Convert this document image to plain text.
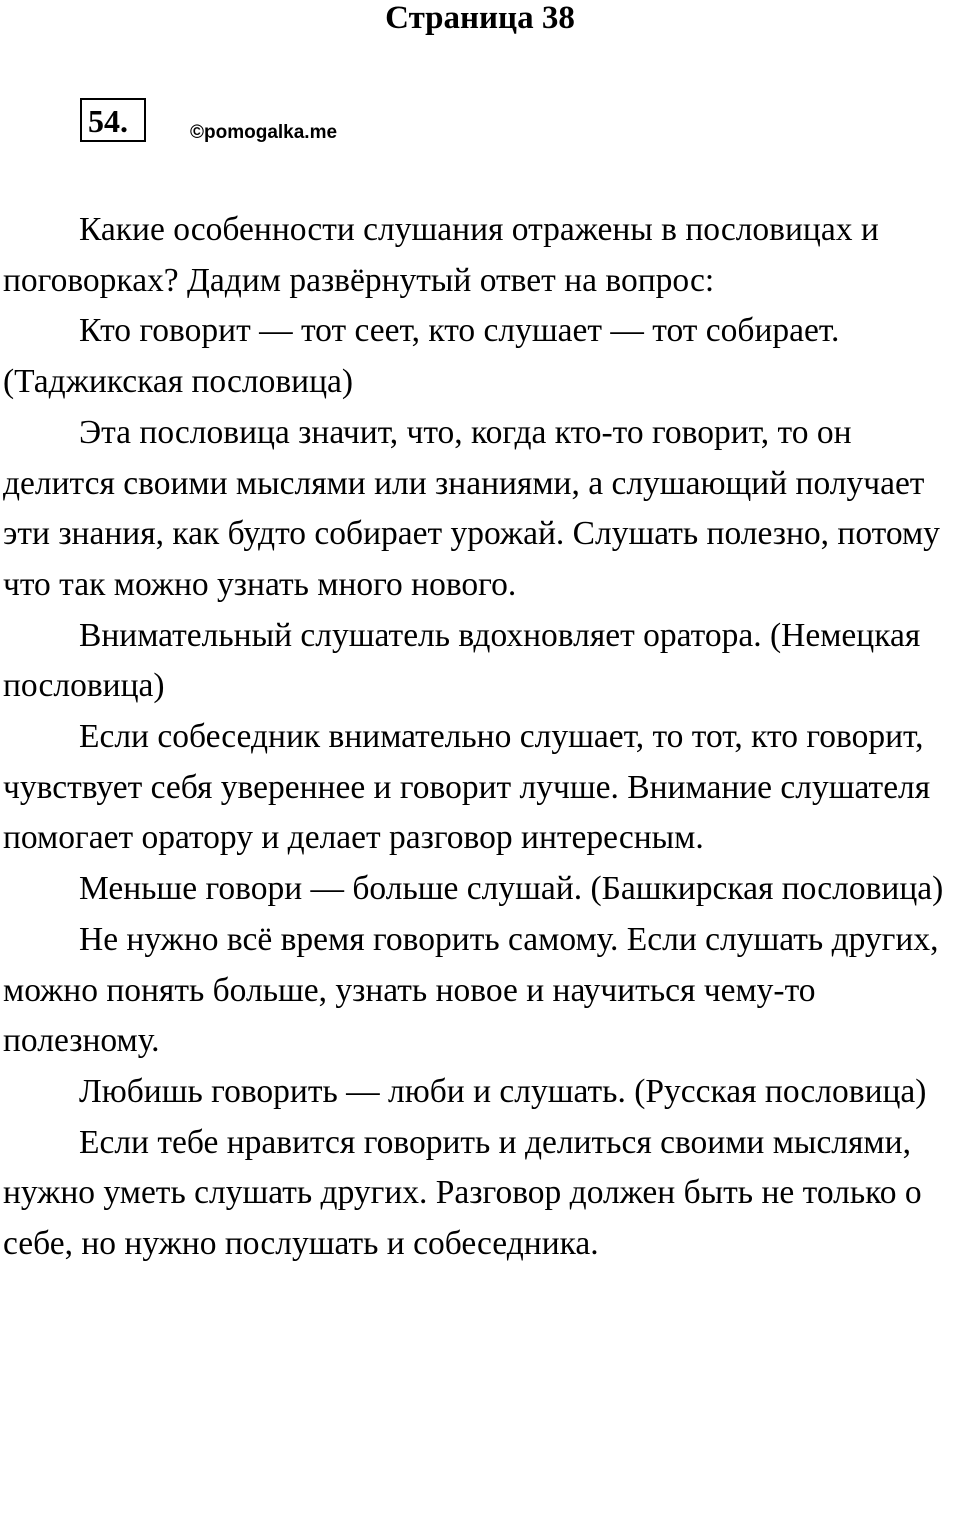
Страница 38
54.	©pomogalka.me

Какие особенности слушания отражены в пословицах и поговорках? Дадим развёрнутый ответ на вопрос:

Кто говорит — тот сеет, кто слушает — тот собирает. (Таджикская пословица)

Эта пословица значит, что, когда кто-то говорит, то он делится своими мыслями или знаниями, а слушающий получает эти знания, как будто собирает урожай. Слушать полезно, потому что так можно узнать много нового.

Внимательный слушатель вдохновляет оратора. (Немецкая пословица)

Если собеседник внимательно слушает, то тот, кто говорит, чувствует себя увереннее и говорит лучше. Внимание слушателя помогает оратору и делает разговор интересным.

Меньше говори — больше слушай. (Башкирская пословица)

Не нужно всё время говорить самому. Если слушать других, можно понять больше, узнать новое и научиться чему-то полезному.

Любишь говорить — люби и слушать. (Русская пословица)

Если тебе нравится говорить и делиться своими мыслями, нужно уметь слушать других. Разговор должен быть не только о себе, но нужно послушать и собеседника.
